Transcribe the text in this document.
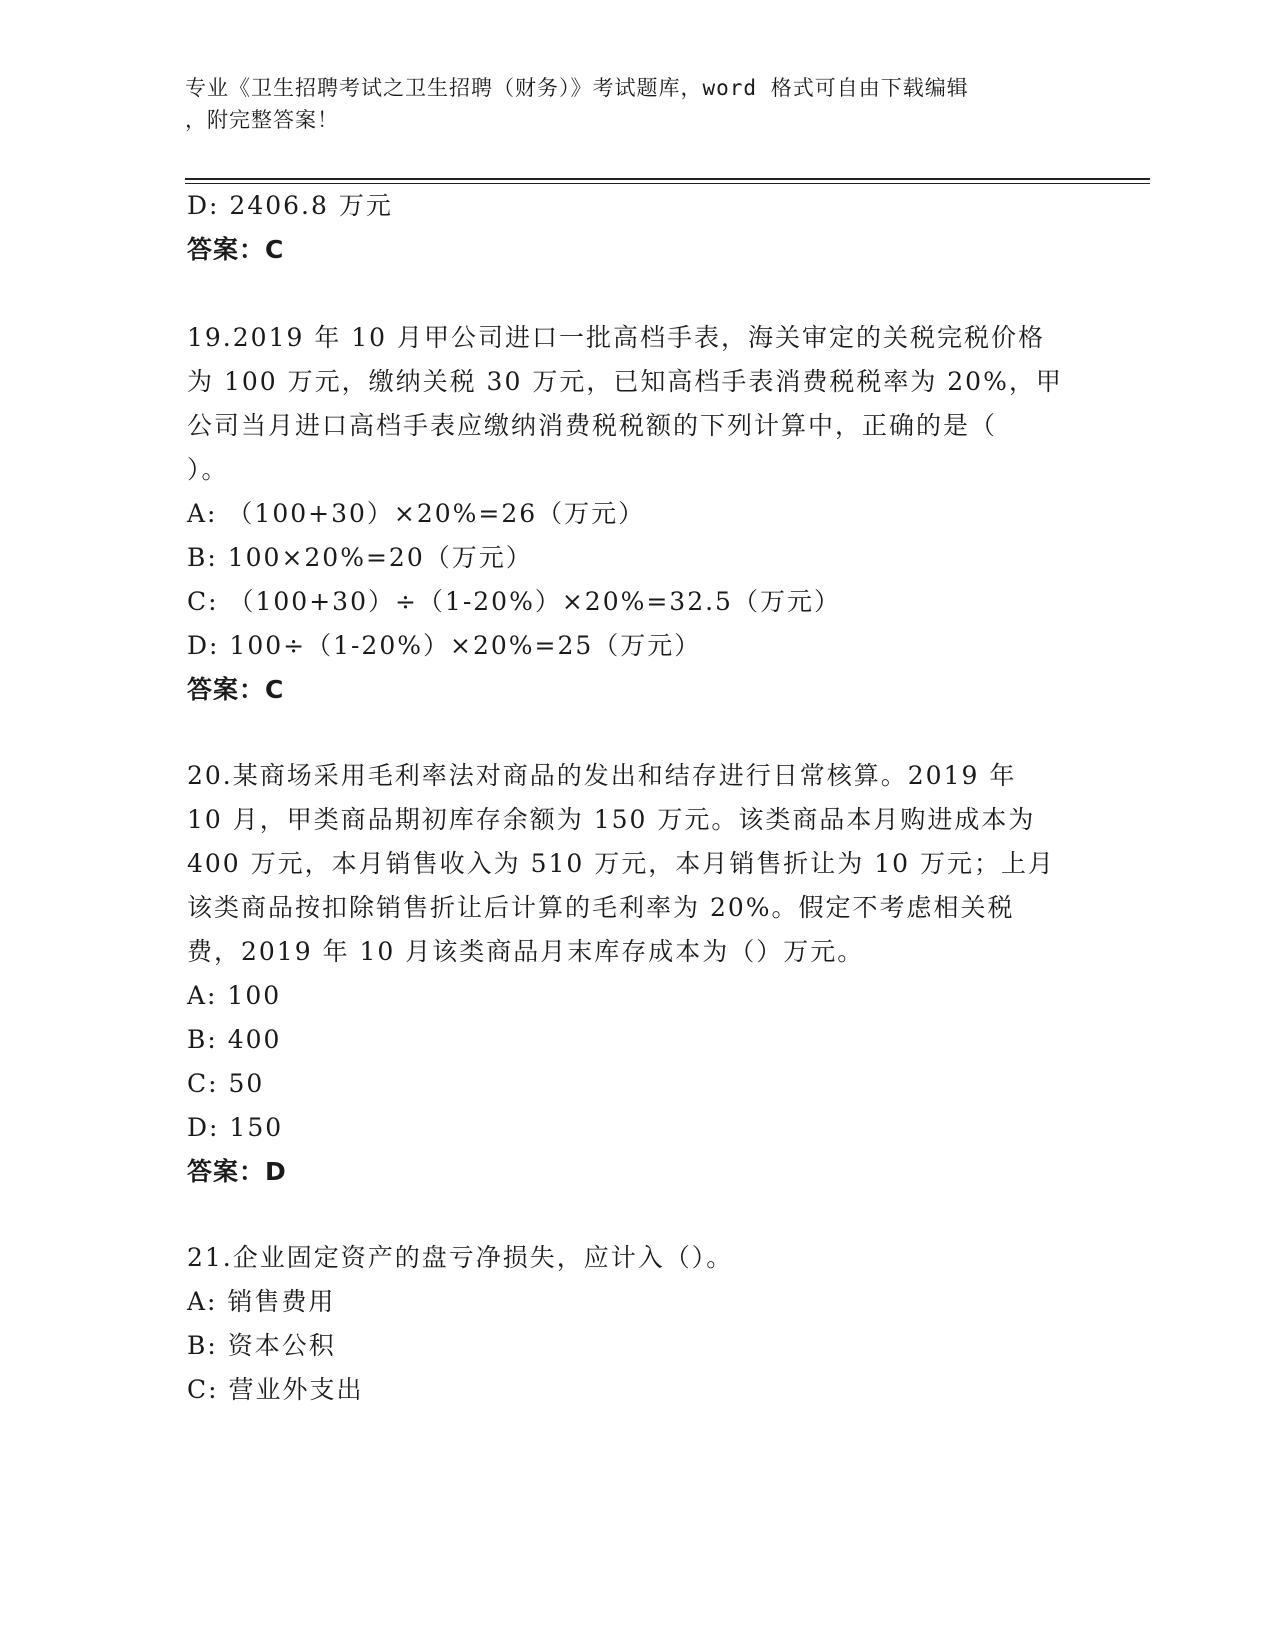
专业《卫生招聘考试之卫生招聘（财务）》考试题库，word 格式可自由下载编辑
，附完整答案！
D: 2406.8 万元
答案：C
19.2019 年 10 月甲公司进口一批高档手表，海关审定的关税完税价格
为 100 万元，缴纳关税 30 万元，已知高档手表消费税税率为 20%，甲
公司当月进口高档手表应缴纳消费税税额的下列计算中，正确的是（
）。
A: （100+30）×20%=26（万元）
B: 100×20%=20（万元）
C: （100+30）÷（1-20%）×20%=32.5（万元）
D: 100÷（1-20%）×20%=25（万元）
答案：C
20.某商场采用毛利率法对商品的发出和结存进行日常核算。2019 年
10 月，甲类商品期初库存余额为 150 万元。该类商品本月购进成本为
400 万元，本月销售收入为 510 万元，本月销售折让为 10 万元；上月
该类商品按扣除销售折让后计算的毛利率为 20%。假定不考虑相关税
费，2019 年 10 月该类商品月末库存成本为（）万元。
A: 100
B: 400
C: 50
D: 150
答案：D
21.企业固定资产的盘亏净损失，应计入（）。
A: 销售费用
B: 资本公积
C: 营业外支出
